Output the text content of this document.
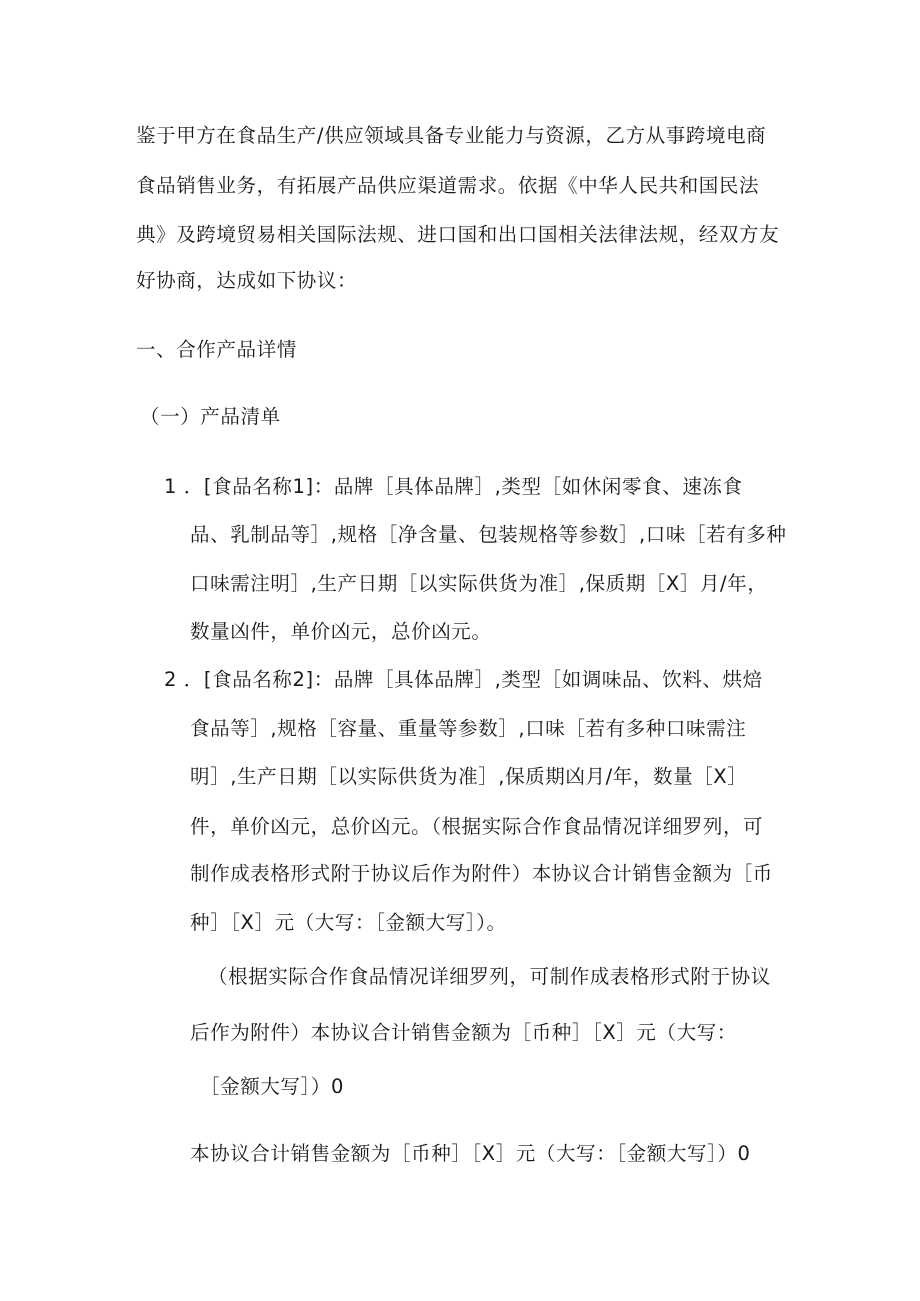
鉴于甲方在食品生产/供应领域具备专业能力与资源，乙方从事跨境电商
食品销售业务，有拓展产品供应渠道需求。依据《中华人民共和国民法
典》及跨境贸易相关国际法规、进口国和出口国相关法律法规，经双方友
好协商，达成如下协议：
一、合作产品详情
（一）产品清单
1 ．[食品名称1]：品牌［具体品牌］,类型［如休闲零食、速冻食
品、乳制品等］,规格［净含量、包装规格等参数］,口味［若有多种
口味需注明］,生产日期［以实际供货为准］,保质期［X］月/年，
数量凶件，单价凶元，总价凶元。
2 ．[食品名称2]：品牌［具体品牌］,类型［如调味品、饮料、烘焙
食品等］,规格［容量、重量等参数］,口味［若有多种口味需注
明］,生产日期［以实际供货为准］,保质期凶月/年，数量［X］
件，单价凶元，总价凶元。（根据实际合作食品情况详细罗列，可
制作成表格形式附于协议后作为附件）本协议合计销售金额为［币
种］［X］元（大写：［金额大写］）。
（根据实际合作食品情况详细罗列，可制作成表格形式附于协议
后作为附件）本协议合计销售金额为［币种］［X］元（大写：
［金额大写］）0
本协议合计销售金额为［币种］［X］元（大写：［金额大写］）0
